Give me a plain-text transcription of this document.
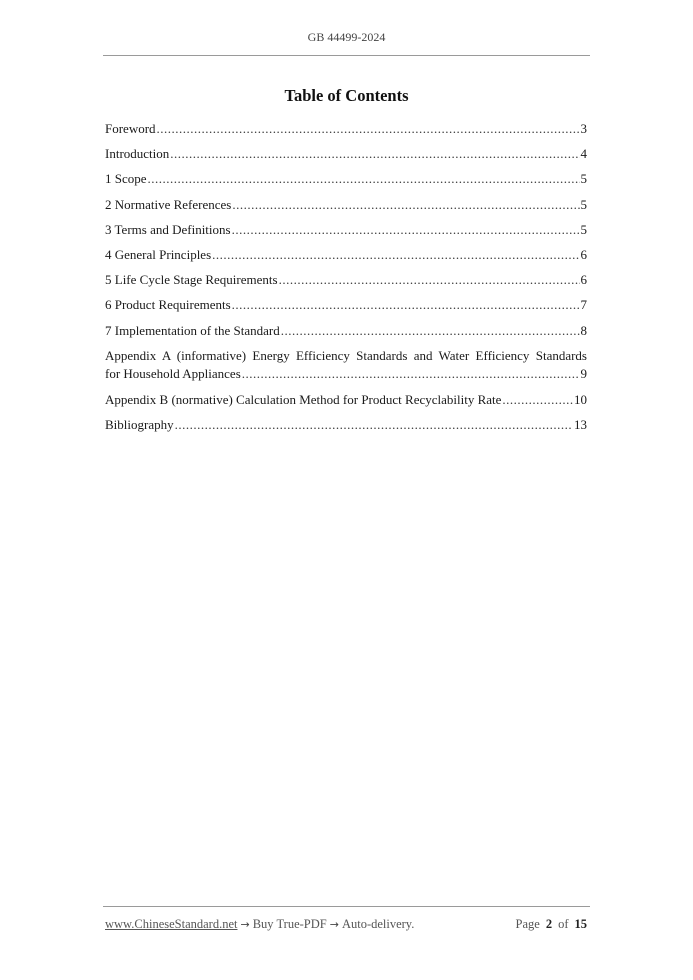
GB 44499-2024
Table of Contents
Foreword .....	3
Introduction .....	4
1 Scope .....	5
2 Normative References .....	5
3 Terms and Definitions .....	5
4 General Principles .....	6
5 Life Cycle Stage Requirements .....	6
6 Product Requirements .....	7
7 Implementation of the Standard .....	8
Appendix A (informative) Energy Efficiency Standards and Water Efficiency Standards
for Household Appliances .....	9
Appendix B (normative) Calculation Method for Product Recyclability Rate .....	10
Bibliography .....	13
www.ChineseStandard.net → Buy True-PDF → Auto-delivery.	Page 2 of 15
